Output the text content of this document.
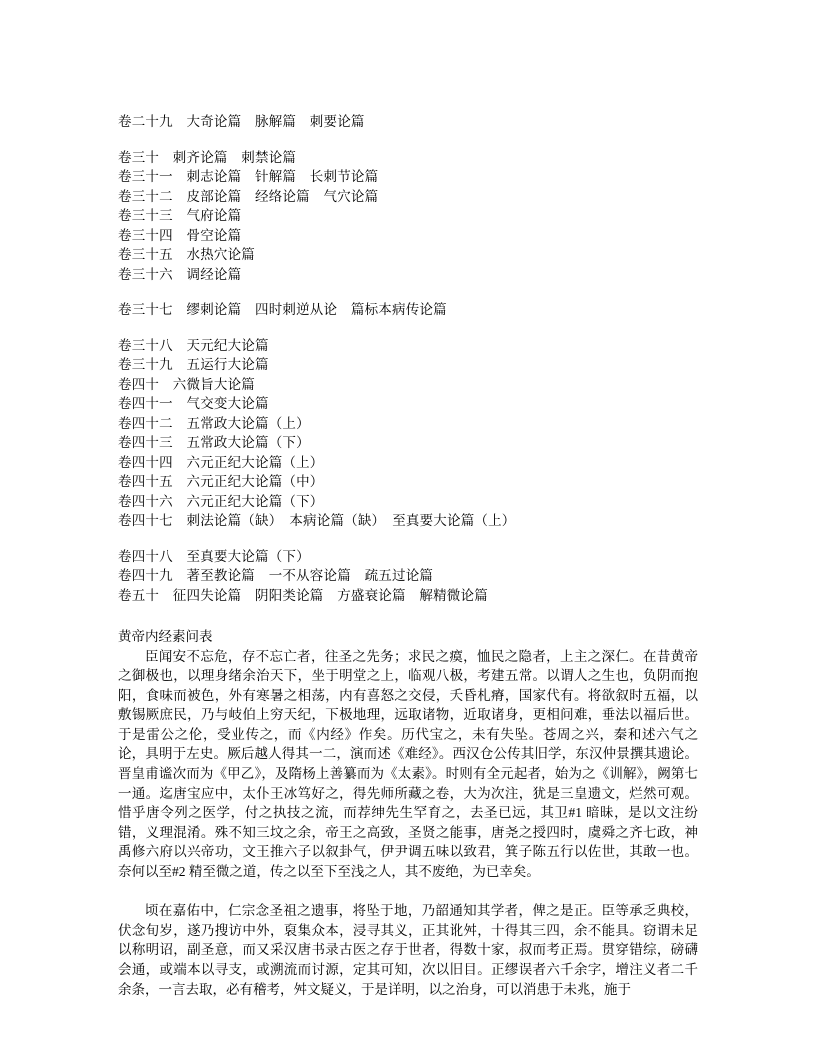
卷二十九　大奇论篇　脉解篇　刺要论篇
卷三十　刺齐论篇　刺禁论篇
卷三十一　刺志论篇　针解篇　长刺节论篇
卷三十二　皮部论篇　经络论篇　气穴论篇
卷三十三　气府论篇
卷三十四　骨空论篇
卷三十五　水热穴论篇
卷三十六　调经论篇
卷三十七　缪刺论篇　四时刺逆从论　篇标本病传论篇
卷三十八　天元纪大论篇
卷三十九　五运行大论篇
卷四十　六微旨大论篇
卷四十一　气交变大论篇
卷四十二　五常政大论篇（上）
卷四十三　五常政大论篇（下）
卷四十四　六元正纪大论篇（上）
卷四十五　六元正纪大论篇（中）
卷四十六　六元正纪大论篇（下）
卷四十七　刺法论篇（缺）　本病论篇（缺）　至真要大论篇（上）
卷四十八　至真要大论篇（下）
卷四十九　著至教论篇　一不从容论篇　疏五过论篇
卷五十　征四失论篇　阴阳类论篇　方盛衰论篇　解精微论篇
黄帝内经素问表

臣闻安不忘危，存不忘亡者，往圣之先务；求民之瘼，恤民之隐者，上主之深仁。在昔黄帝之御极也，以理身绪余治天下，坐于明堂之上，临观八极，考建五常。以谓人之生也，负阴而抱阳，食味而被色，外有寒暑之相荡，内有喜怒之交侵，夭昏札瘠，国家代有。将欲叙时五福，以敷锡厥庶民，乃与岐伯上穷天纪，下极地理，远取诸物，近取诸身，更相问难，垂法以福后世。于是雷公之伦，受业传之，而《内经》作矣。历代宝之，未有失坠。苍周之兴，秦和述六气之论，具明于左史。厥后越人得其一二，演而述《难经》。西汉仓公传其旧学，东汉仲景撰其遗论。晋皇甫谧次而为《甲乙》，及隋杨上善纂而为《太素》。时则有全元起者，始为之《训解》，阙第七一通。迄唐宝应中，太仆王冰笃好之，得先师所藏之卷，大为次注，犹是三皇遗文，烂然可观。惜乎唐令列之医学，付之执技之流，而荐绅先生罕育之，去圣已远，其卫#1 暗昧，是以文注纷错，义理混淆。殊不知三坟之余，帝王之高致，圣贤之能事，唐尧之授四时，虞舜之齐七政，神禹修六府以兴帝功，文王推六子以叙卦气，伊尹调五味以致君，箕子陈五行以佐世，其敢一也。奈何以至#2 精至微之道，传之以至下至浅之人，其不废绝，为已幸矣。

顷在嘉佑中，仁宗念圣祖之遗事，将坠于地，乃韶通知其学者，俾之是正。臣等承乏典校，伏念旬岁，遂乃搜访中外，裒集众本，浸寻其义，正其讹舛，十得其三四，余不能具。窃谓未足以称明诏，副圣意，而又采汉唐书录古医之存于世者，得数十家，叔而考正焉。贯穿错综，磅礴会通，或端本以寻支，或溯流而讨源，定其可知，次以旧目。正缪误者六千余字，增注义者二千余条，一言去取，必有稽考，舛文疑义，于是详明，以之治身，可以消患于未兆，施于
